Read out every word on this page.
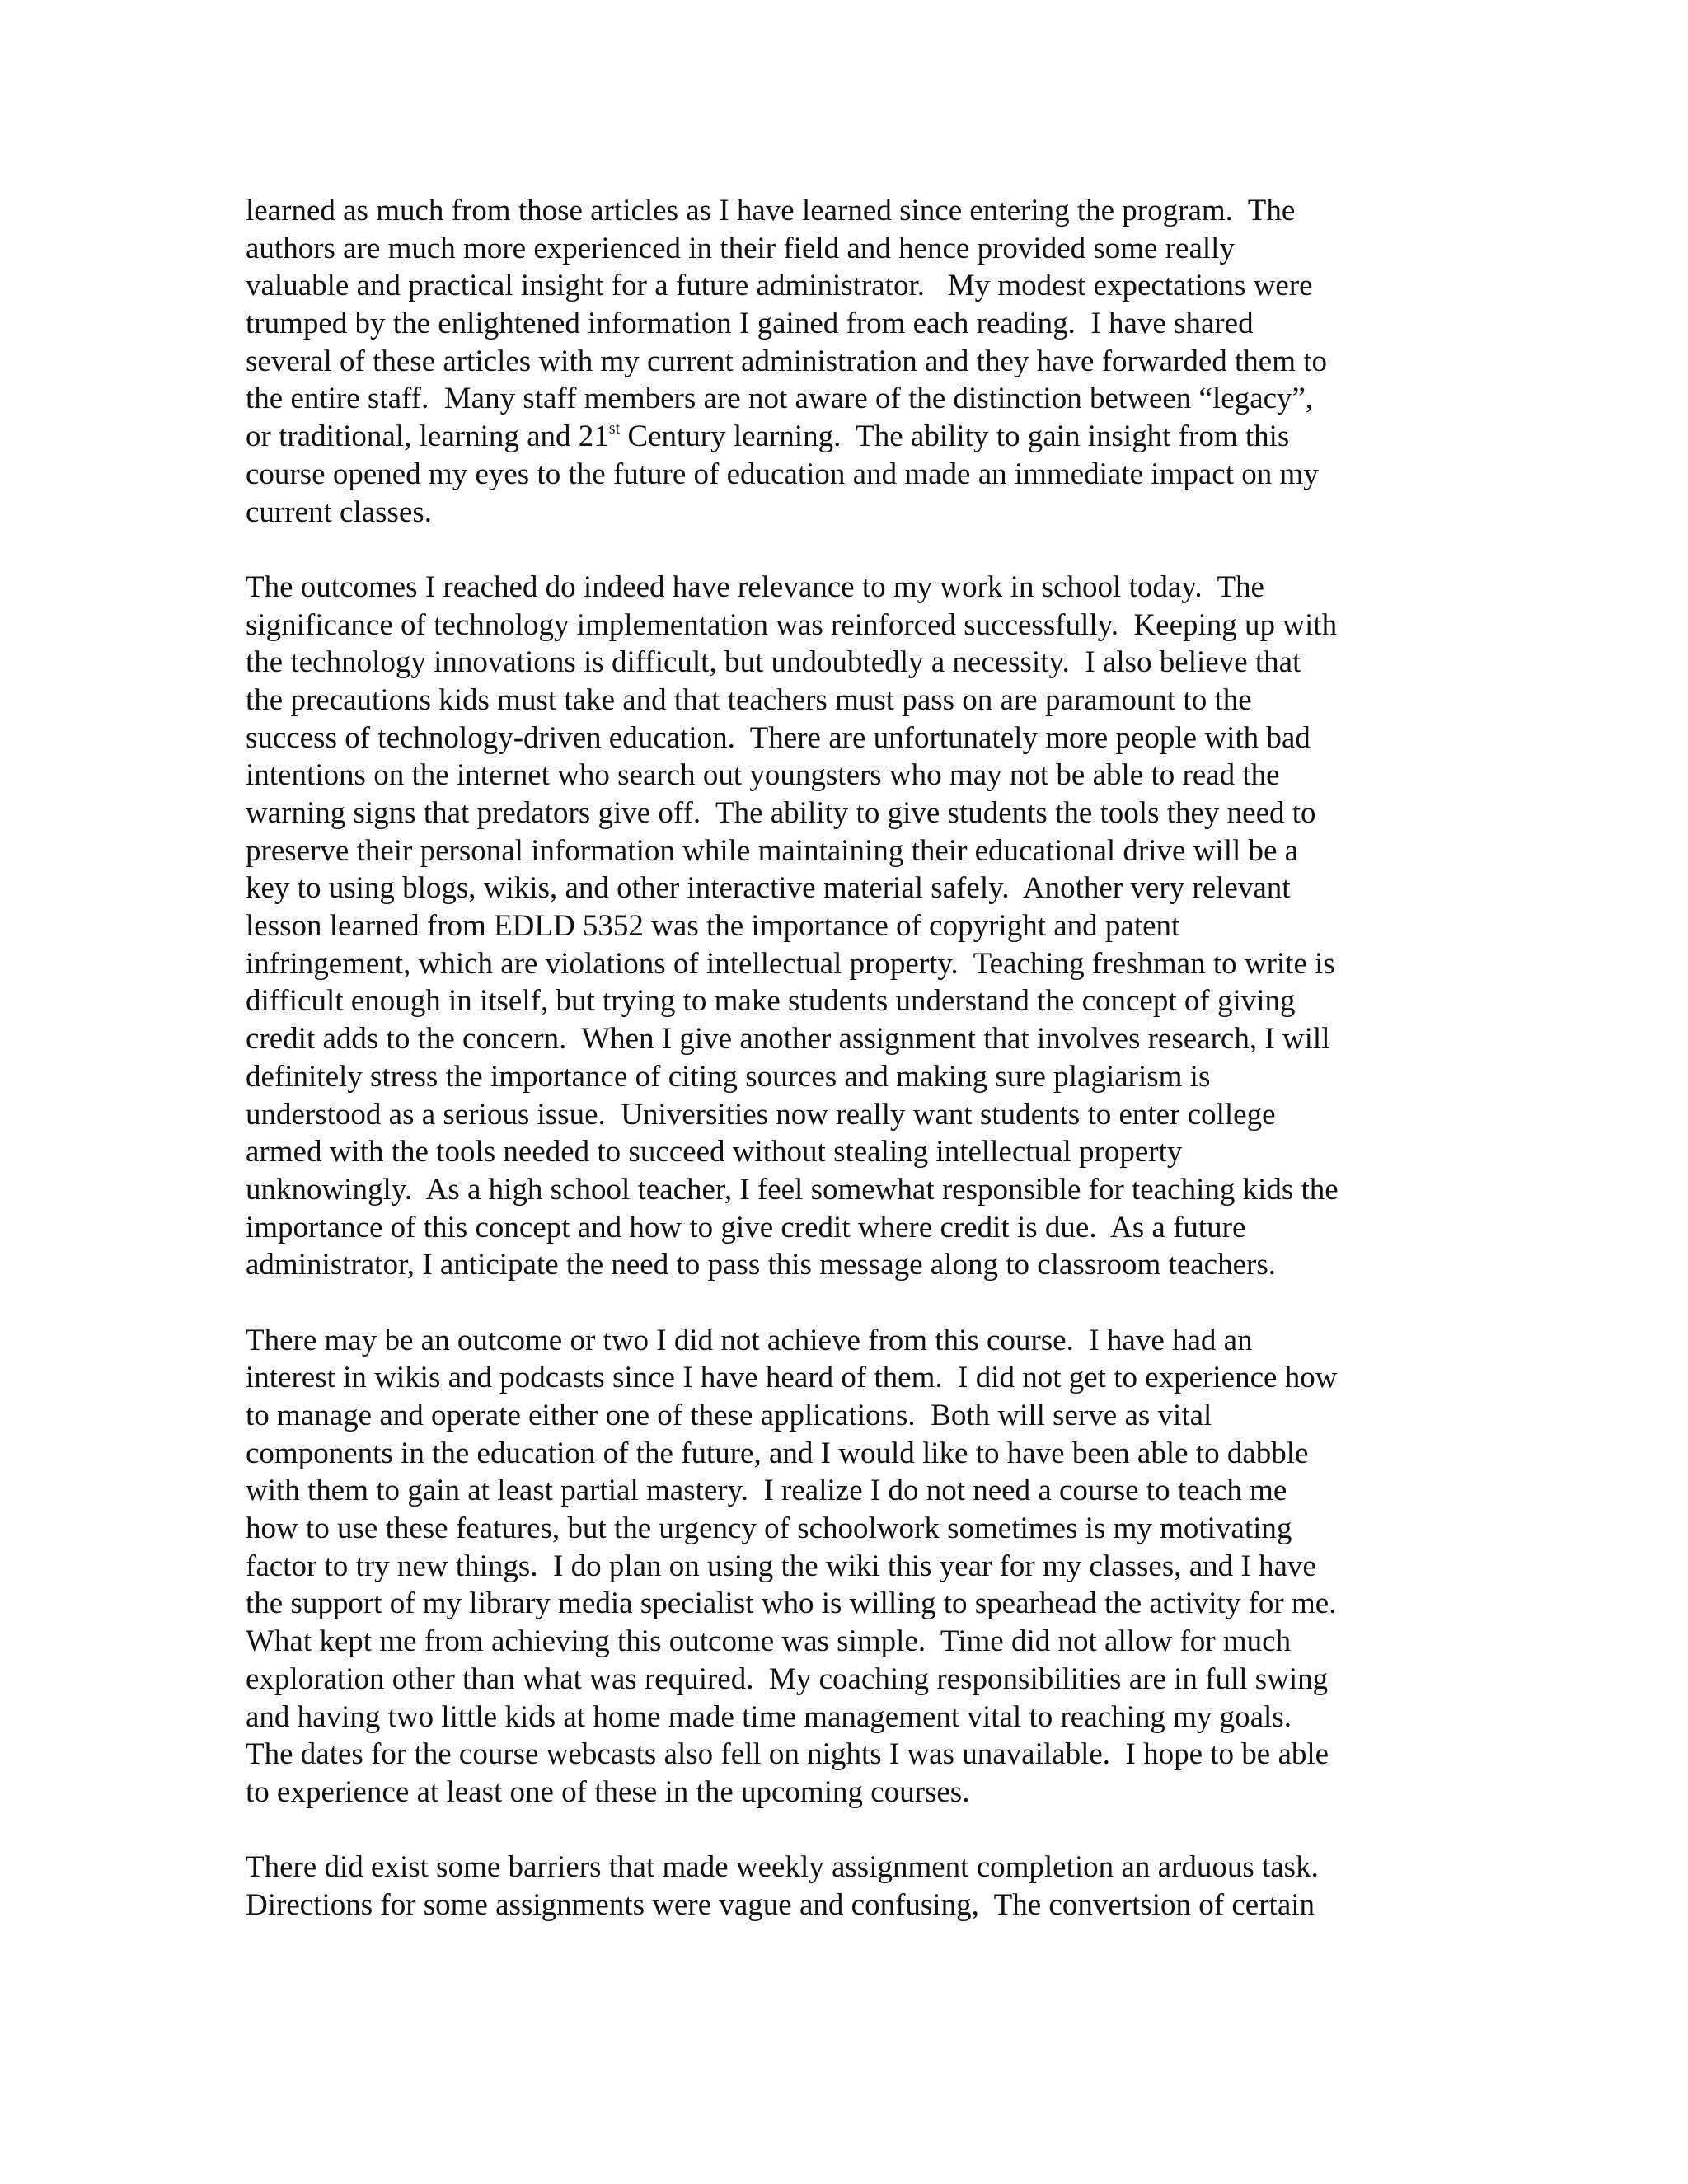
learned as much from those articles as I have learned since entering the program.  The
authors are much more experienced in their field and hence provided some really
valuable and practical insight for a future administrator.   My modest expectations were
trumped by the enlightened information I gained from each reading.  I have shared
several of these articles with my current administration and they have forwarded them to
the entire staff.  Many staff members are not aware of the distinction between “legacy”,
or traditional, learning and 21st Century learning.  The ability to gain insight from this
course opened my eyes to the future of education and made an immediate impact on my
current classes.
The outcomes I reached do indeed have relevance to my work in school today.  The
significance of technology implementation was reinforced successfully.  Keeping up with
the technology innovations is difficult, but undoubtedly a necessity.  I also believe that
the precautions kids must take and that teachers must pass on are paramount to the
success of technology-driven education.  There are unfortunately more people with bad
intentions on the internet who search out youngsters who may not be able to read the
warning signs that predators give off.  The ability to give students the tools they need to
preserve their personal information while maintaining their educational drive will be a
key to using blogs, wikis, and other interactive material safely.  Another very relevant
lesson learned from EDLD 5352 was the importance of copyright and patent
infringement, which are violations of intellectual property.  Teaching freshman to write is
difficult enough in itself, but trying to make students understand the concept of giving
credit adds to the concern.  When I give another assignment that involves research, I will
definitely stress the importance of citing sources and making sure plagiarism is
understood as a serious issue.  Universities now really want students to enter college
armed with the tools needed to succeed without stealing intellectual property
unknowingly.  As a high school teacher, I feel somewhat responsible for teaching kids the
importance of this concept and how to give credit where credit is due.  As a future
administrator, I anticipate the need to pass this message along to classroom teachers.
There may be an outcome or two I did not achieve from this course.  I have had an
interest in wikis and podcasts since I have heard of them.  I did not get to experience how
to manage and operate either one of these applications.  Both will serve as vital
components in the education of the future, and I would like to have been able to dabble
with them to gain at least partial mastery.  I realize I do not need a course to teach me
how to use these features, but the urgency of schoolwork sometimes is my motivating
factor to try new things.  I do plan on using the wiki this year for my classes, and I have
the support of my library media specialist who is willing to spearhead the activity for me.
What kept me from achieving this outcome was simple.  Time did not allow for much
exploration other than what was required.  My coaching responsibilities are in full swing
and having two little kids at home made time management vital to reaching my goals.
The dates for the course webcasts also fell on nights I was unavailable.  I hope to be able
to experience at least one of these in the upcoming courses.
There did exist some barriers that made weekly assignment completion an arduous task.
Directions for some assignments were vague and confusing,  The convertsion of certain
